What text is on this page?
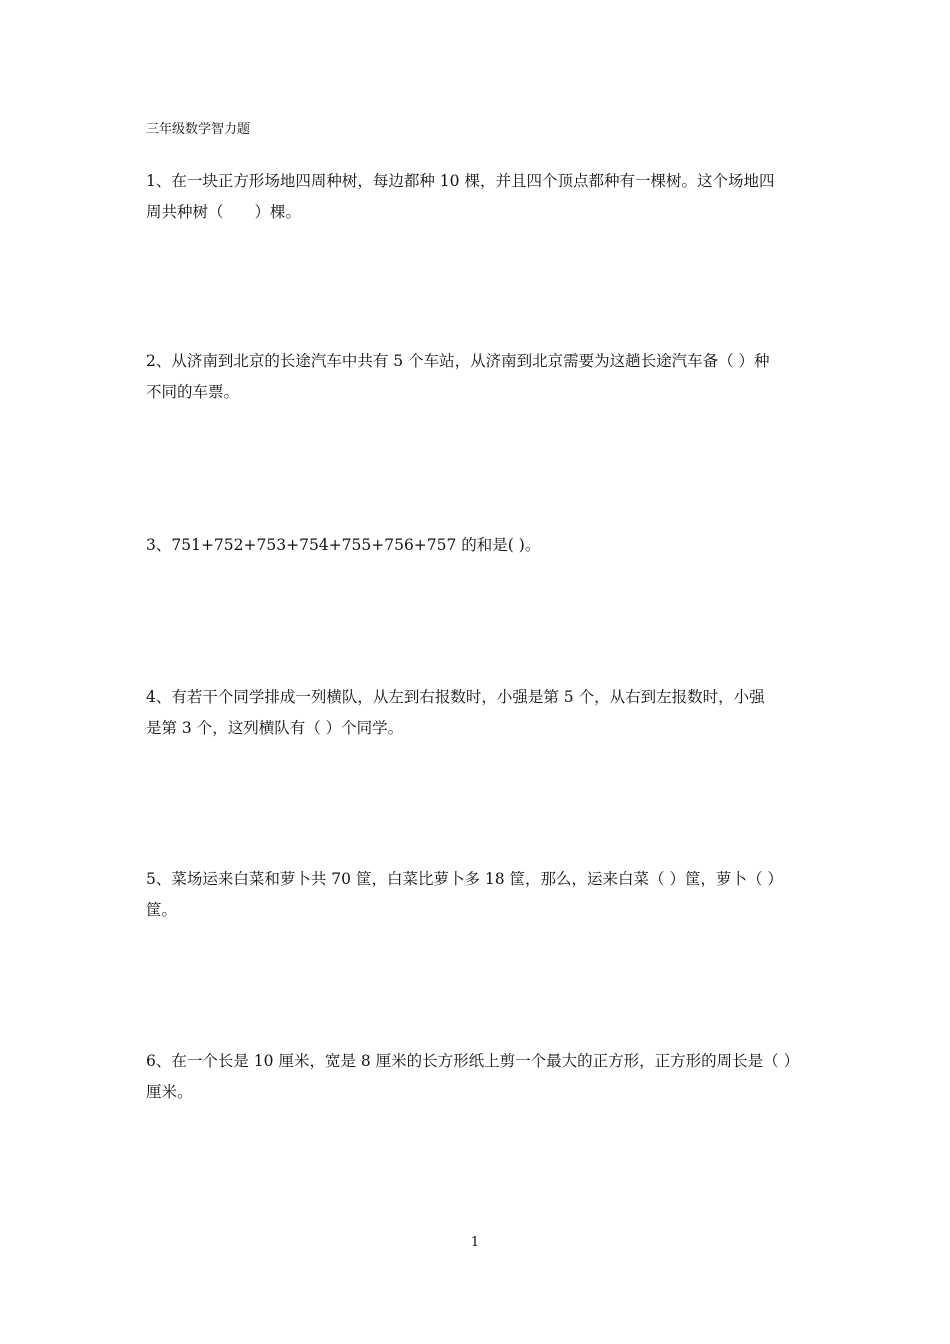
三年级数学智力题

1、在一块正方形场地四周种树，每边都种 10 棵，并且四个顶点都种有一棵树。这个场地四

周共种树（　　）棵。

2、从济南到北京的长途汽车中共有 5 个车站，从济南到北京需要为这趟长途汽车备（ ）种

不同的车票。

3、751+752+753+754+755+756+757 的和是( )。

4、有若干个同学排成一列横队，从左到右报数时，小强是第 5 个，从右到左报数时，小强

是第 3 个，这列横队有（ ）个同学。

5、菜场运来白菜和萝卜共 70 筐，白菜比萝卜多 18 筐，那么，运来白菜（ ）筐，萝卜（ ）

筐。

6、在一个长是 10 厘米，宽是 8 厘米的长方形纸上剪一个最大的正方形，正方形的周长是（ ）

厘米。

1
